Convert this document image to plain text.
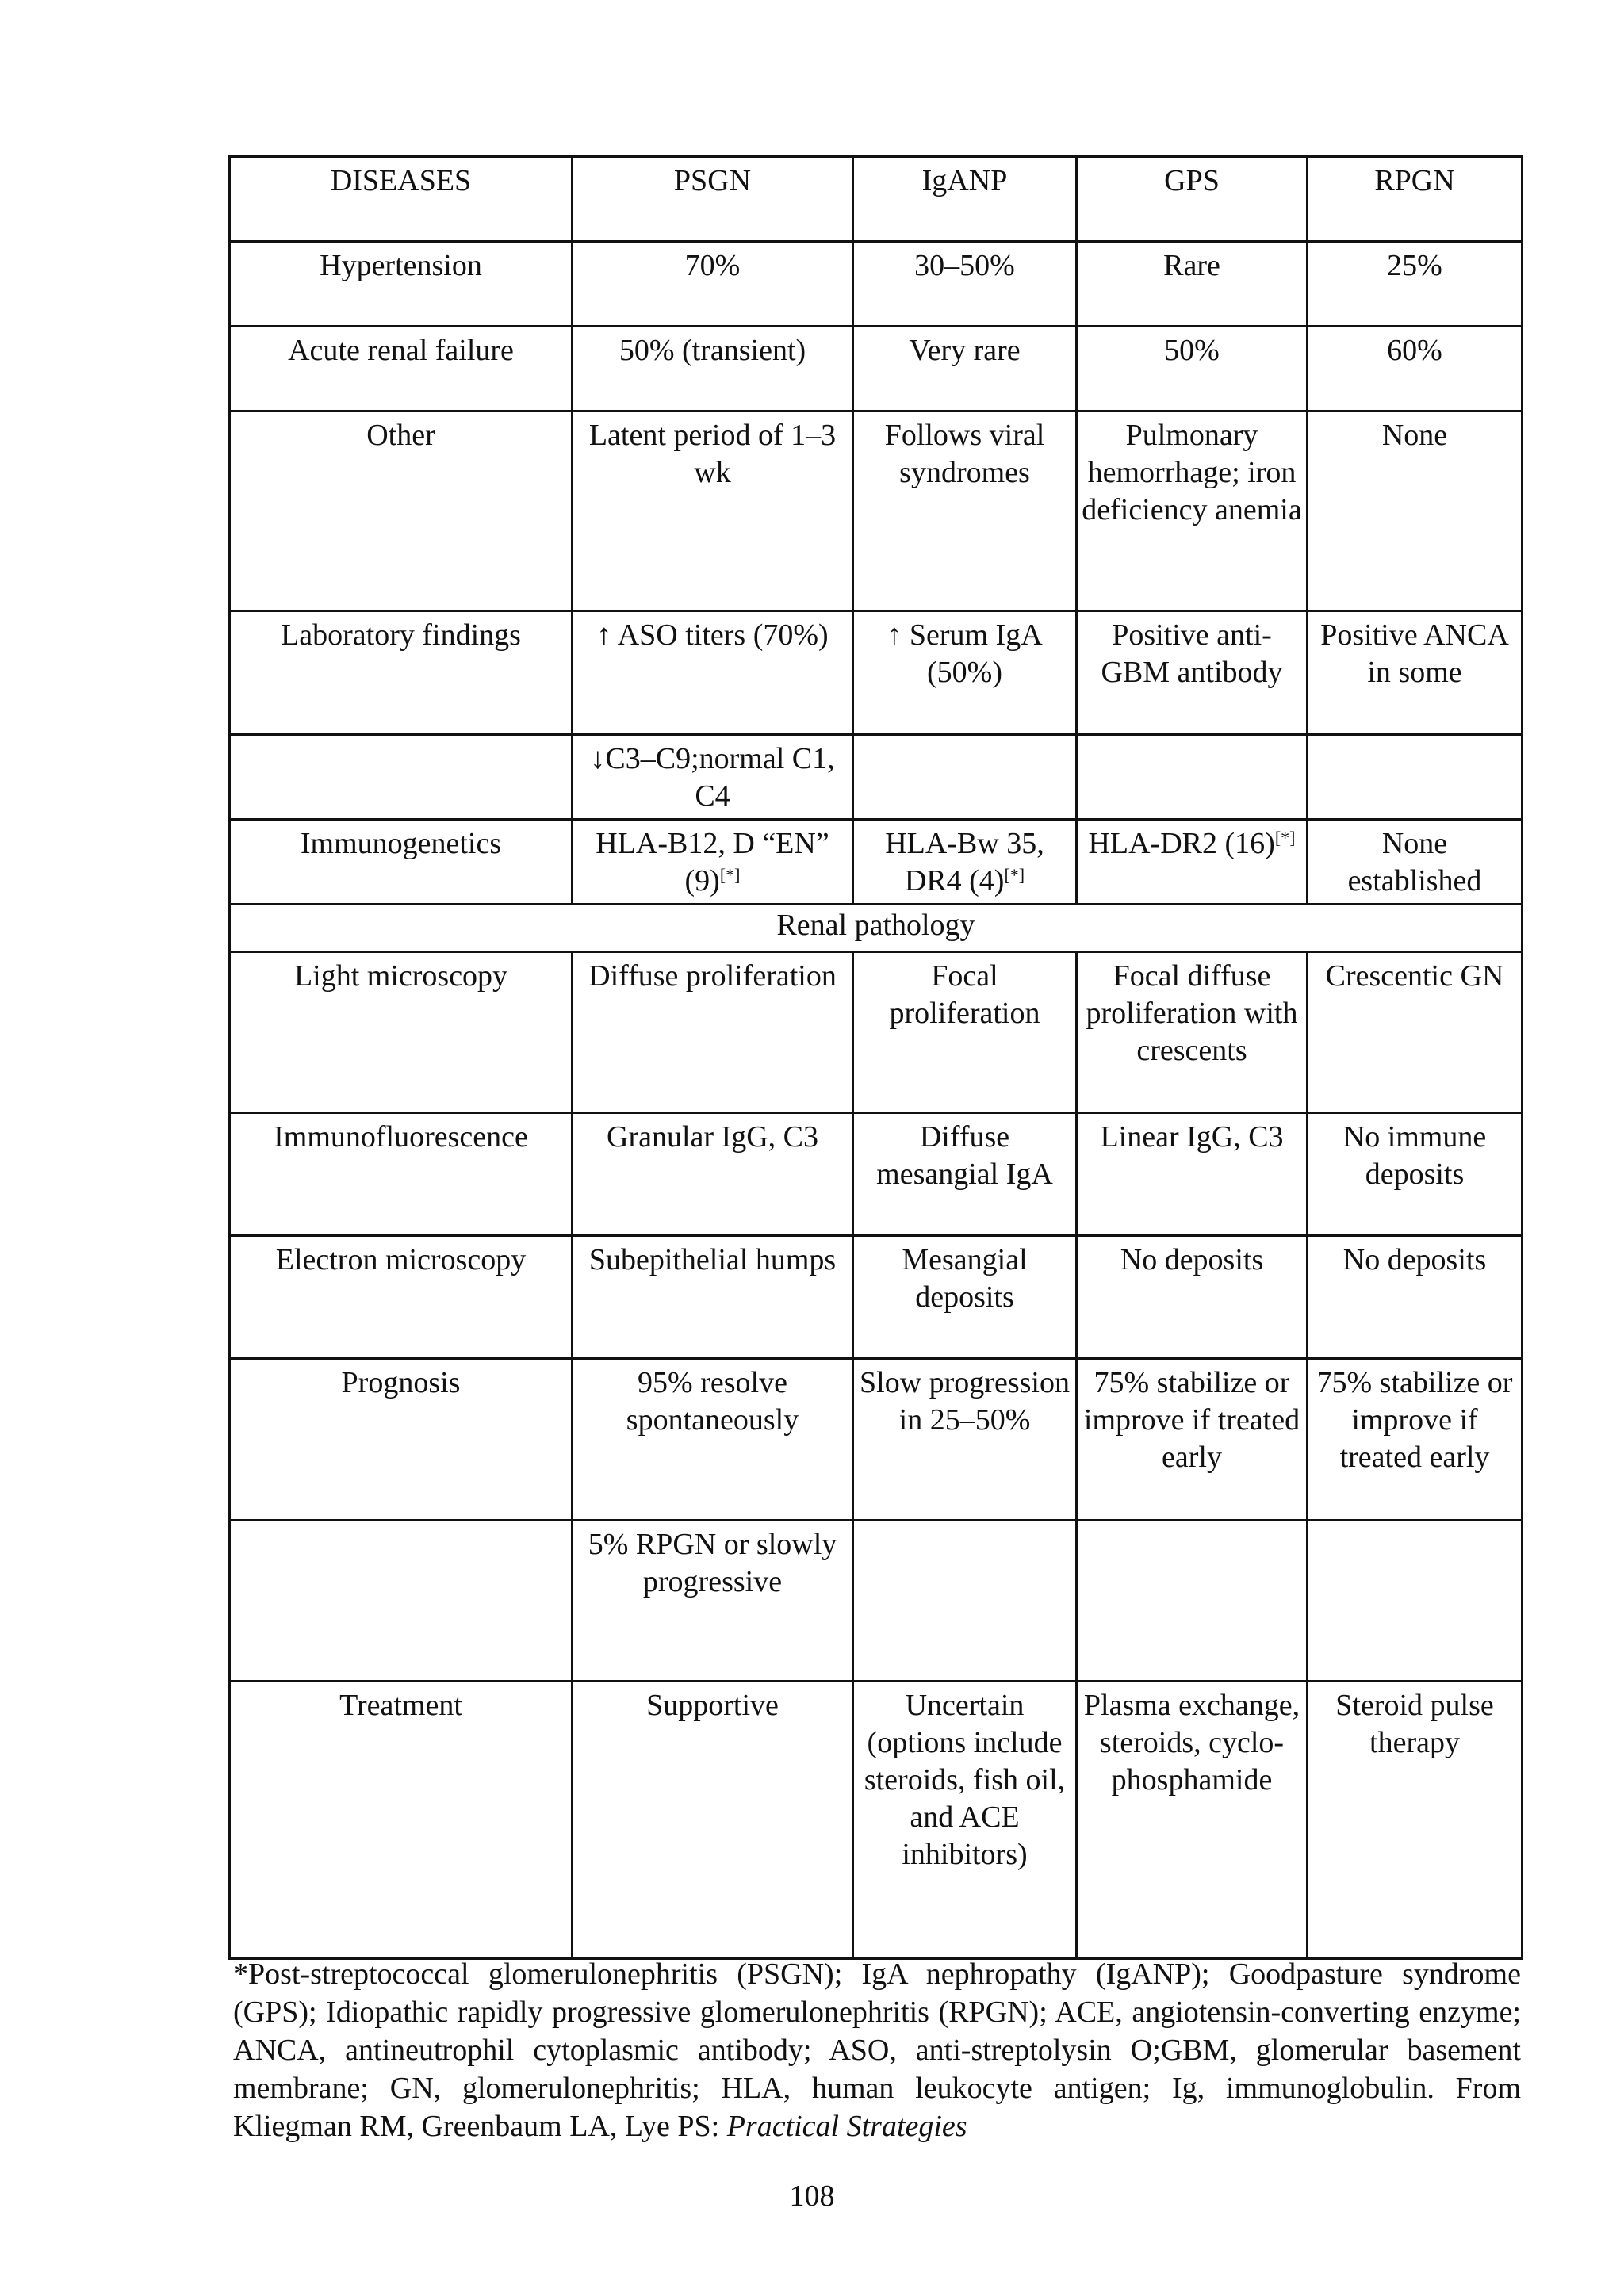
DISEASES	PSGN	IgANP	GPS	RPGN
Hypertension	70%	30–50%	Rare	25%
Acute renal failure	50% (transient)	Very rare	50%	60%
Other	Latent period of 1–3 wk	Follows viral syndromes	Pulmonary hemorrhage; iron deficiency anemia	None
Laboratory findings	↑ ASO titers (70%)	↑ Serum IgA (50%)	Positive anti-GBM antibody	Positive ANCA in some
	↓C3–C9;normal C1, C4			
Immunogenetics	HLA-B12, D “EN” (9)[*]	HLA-Bw 35, DR4 (4)[*]	HLA-DR2 (16)[*]	None established
Renal pathology				
Light microscopy	Diffuse proliferation	Focal proliferation	Focal diffuse proliferation with crescents	Crescentic GN
Immunofluorescence	Granular IgG, C3	Diffuse mesangial IgA	Linear IgG, C3	No immune deposits
Electron microscopy	Subepithelial humps	Mesangial deposits	No deposits	No deposits
Prognosis	95% resolve spontaneously	Slow progression in 25–50%	75% stabilize or improve if treated early	75% stabilize or improve if treated early
	5% RPGN or slowly progressive			
Treatment	Supportive	Uncertain (options include steroids, fish oil, and ACE inhibitors)	Plasma exchange, steroids, cyclo-phosphamide	Steroid pulse therapy

*Post-streptococcal glomerulonephritis (PSGN); IgA nephropathy (IgANP); Goodpasture syndrome (GPS); Idiopathic rapidly progressive glomerulonephritis (RPGN); ACE, angiotensin-converting enzyme; ANCA, antineutrophil cytoplasmic antibody; ASO, anti-streptolysin O;GBM, glomerular basement membrane; GN, glomerulonephritis; HLA, human leukocyte antigen; Ig, immunoglobulin. From Kliegman RM, Greenbaum LA, Lye PS: Practical Strategies

108
